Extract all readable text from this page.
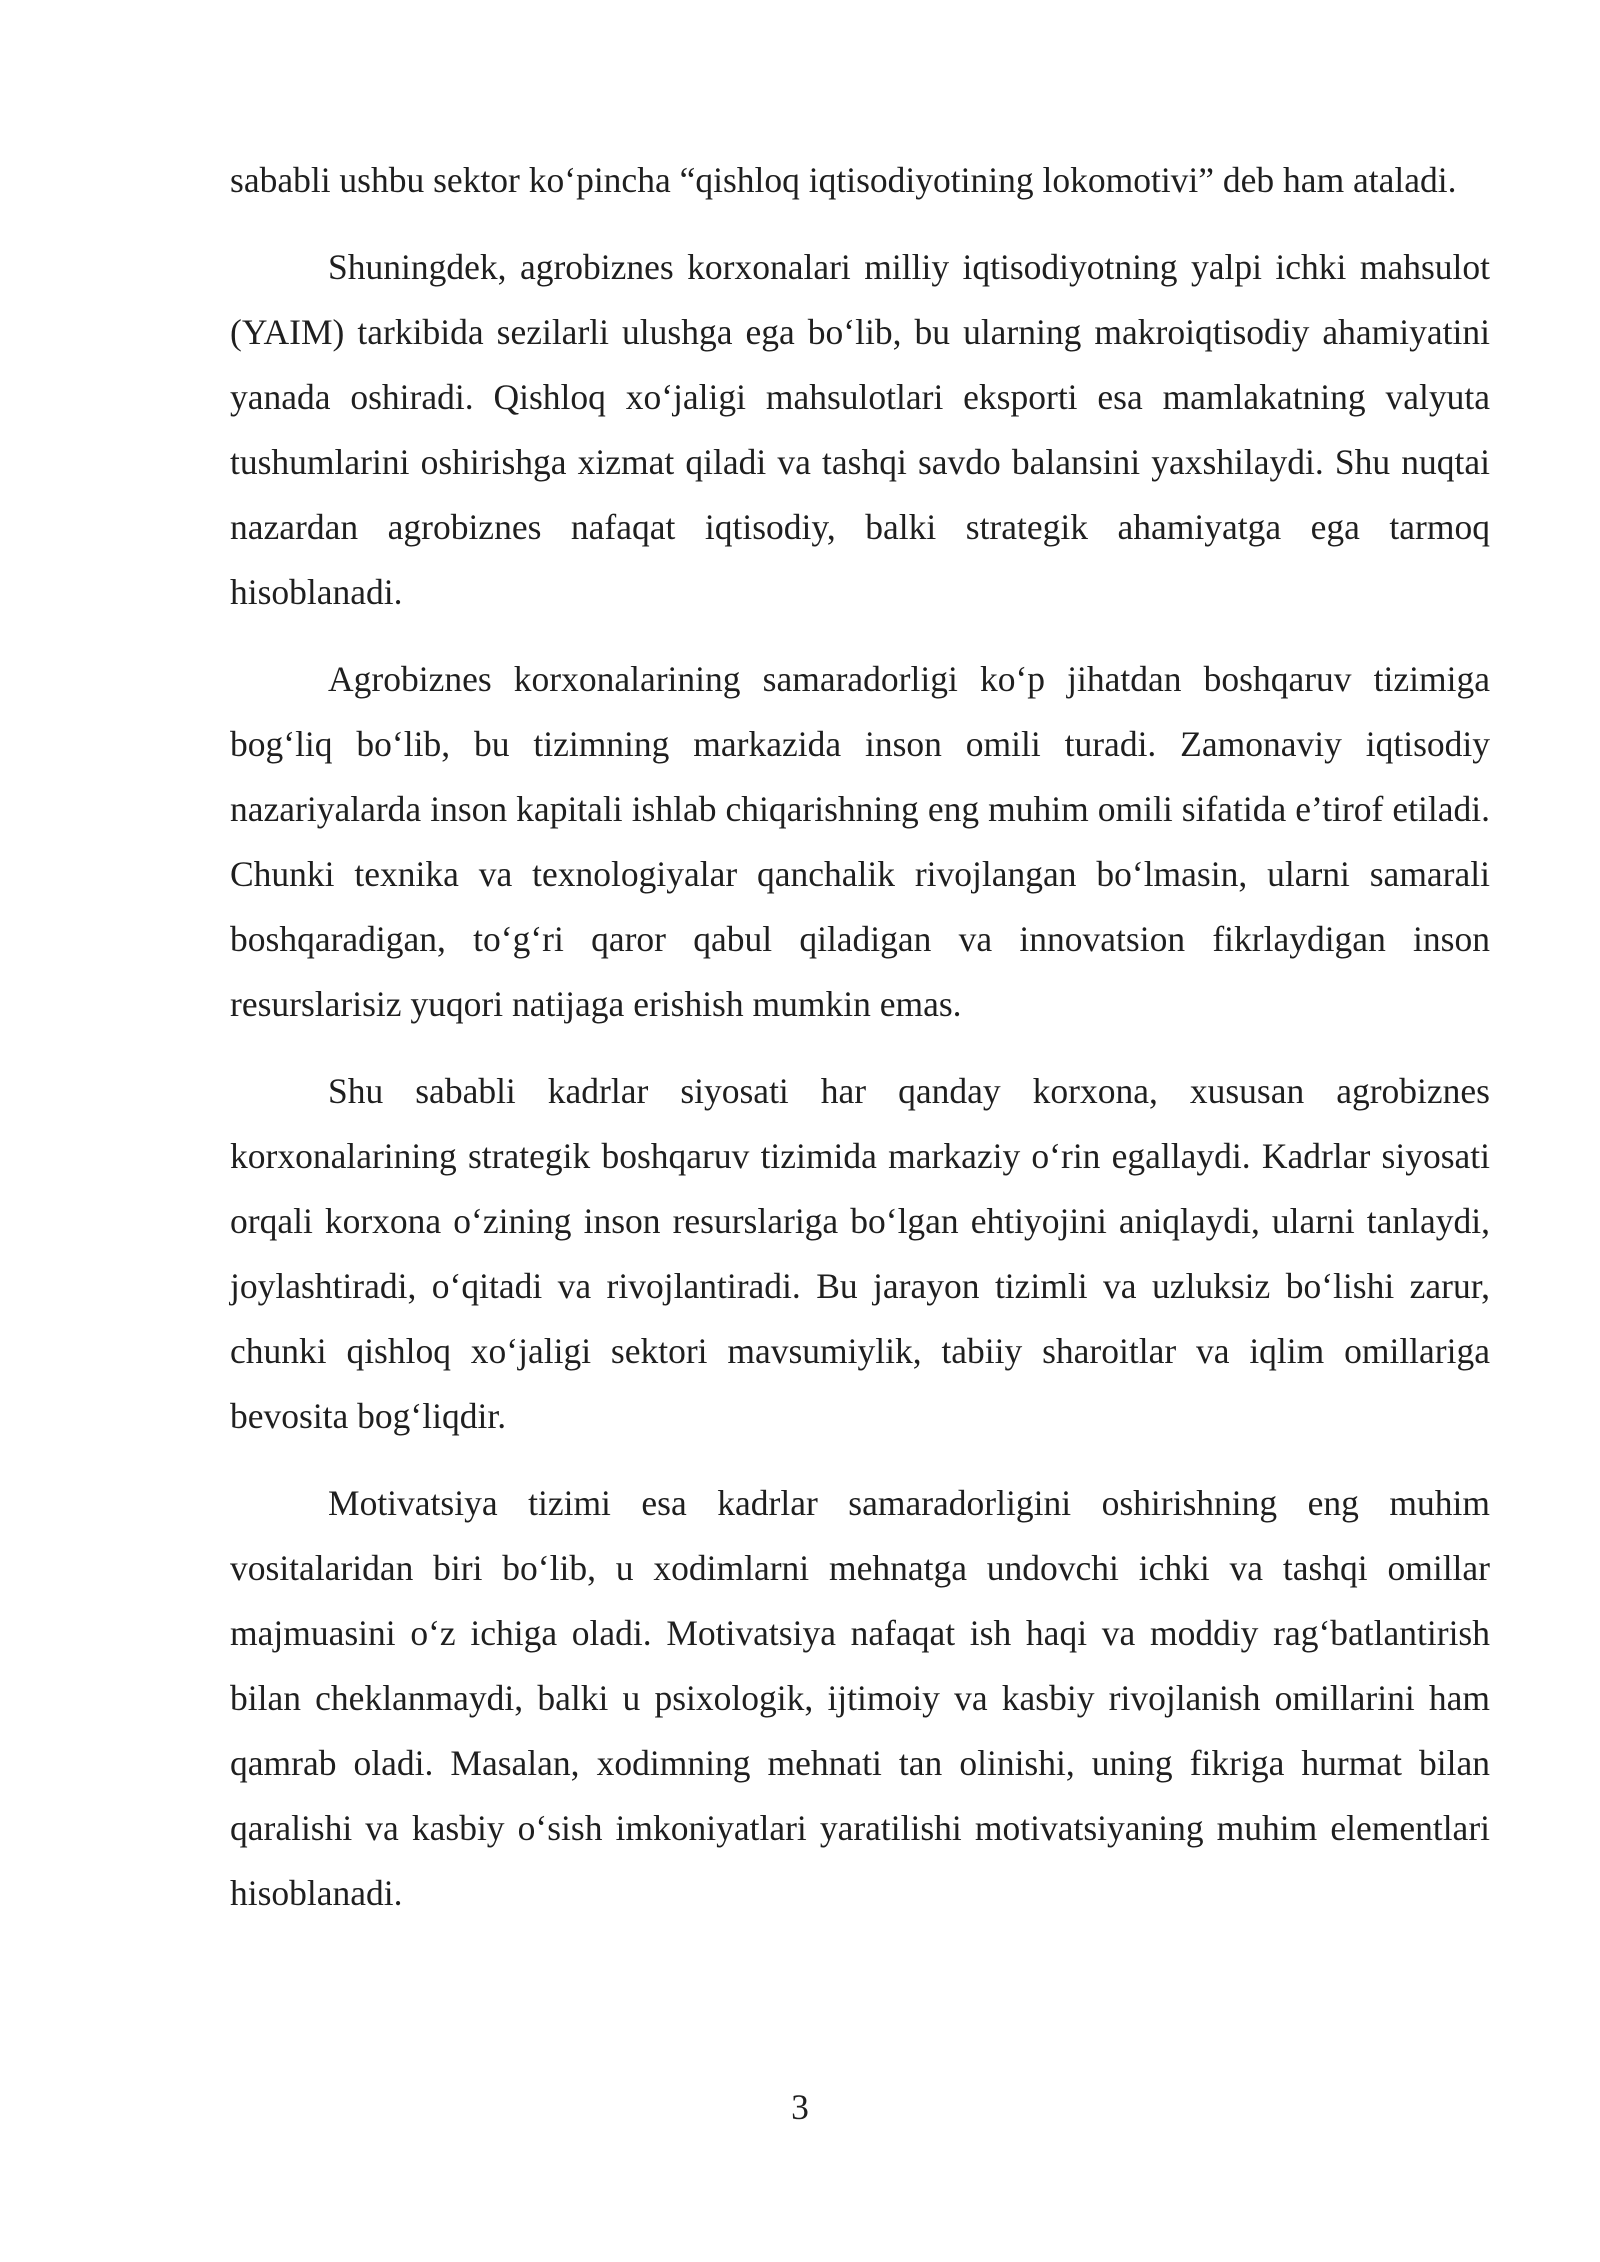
sababli ushbu sektor ko‘pincha “qishloq iqtisodiyotining lokomotivi” deb ham ataladi.

Shuningdek, agrobiznes korxonalari milliy iqtisodiyotning yalpi ichki mahsulot (YAIM) tarkibida sezilarli ulushga ega bo‘lib, bu ularning makroiqtisodiy ahamiyatini yanada oshiradi. Qishloq xo‘jaligi mahsulotlari eksporti esa mamlakatning valyuta tushumlarini oshirishga xizmat qiladi va tashqi savdo balansini yaxshilaydi. Shu nuqtai nazardan agrobiznes nafaqat iqtisodiy, balki strategik ahamiyatga ega tarmoq hisoblanadi.

Agrobiznes korxonalarining samaradorligi ko‘p jihatdan boshqaruv tizimiga bog‘liq bo‘lib, bu tizimning markazida inson omili turadi. Zamonaviy iqtisodiy nazariyalarda inson kapitali ishlab chiqarishning eng muhim omili sifatida e’tirof etiladi. Chunki texnika va texnologiyalar qanchalik rivojlangan bo‘lmasin, ularni samarali boshqaradigan, to‘g‘ri qaror qabul qiladigan va innovatsion fikrlaydigan inson resurslarisiz yuqori natijaga erishish mumkin emas.

Shu sababli kadrlar siyosati har qanday korxona, xususan agrobiznes korxonalarining strategik boshqaruv tizimida markaziy o‘rin egallaydi. Kadrlar siyosati orqali korxona o‘zining inson resurslariga bo‘lgan ehtiyojini aniqlaydi, ularni tanlaydi, joylashtiradi, o‘qitadi va rivojlantiradi. Bu jarayon tizimli va uzluksiz bo‘lishi zarur, chunki qishloq xo‘jaligi sektori mavsumiylik, tabiiy sharoitlar va iqlim omillariga bevosita bog‘liqdir.

Motivatsiya tizimi esa kadrlar samaradorligini oshirishning eng muhim vositalaridan biri bo‘lib, u xodimlarni mehnatga undovchi ichki va tashqi omillar majmuasini o‘z ichiga oladi. Motivatsiya nafaqat ish haqi va moddiy rag‘batlantirish bilan cheklanmaydi, balki u psixologik, ijtimoiy va kasbiy rivojlanish omillarini ham qamrab oladi. Masalan, xodimning mehnati tan olinishi, uning fikriga hurmat bilan qaralishi va kasbiy o‘sish imkoniyatlari yaratilishi motivatsiyaning muhim elementlari hisoblanadi.

3
